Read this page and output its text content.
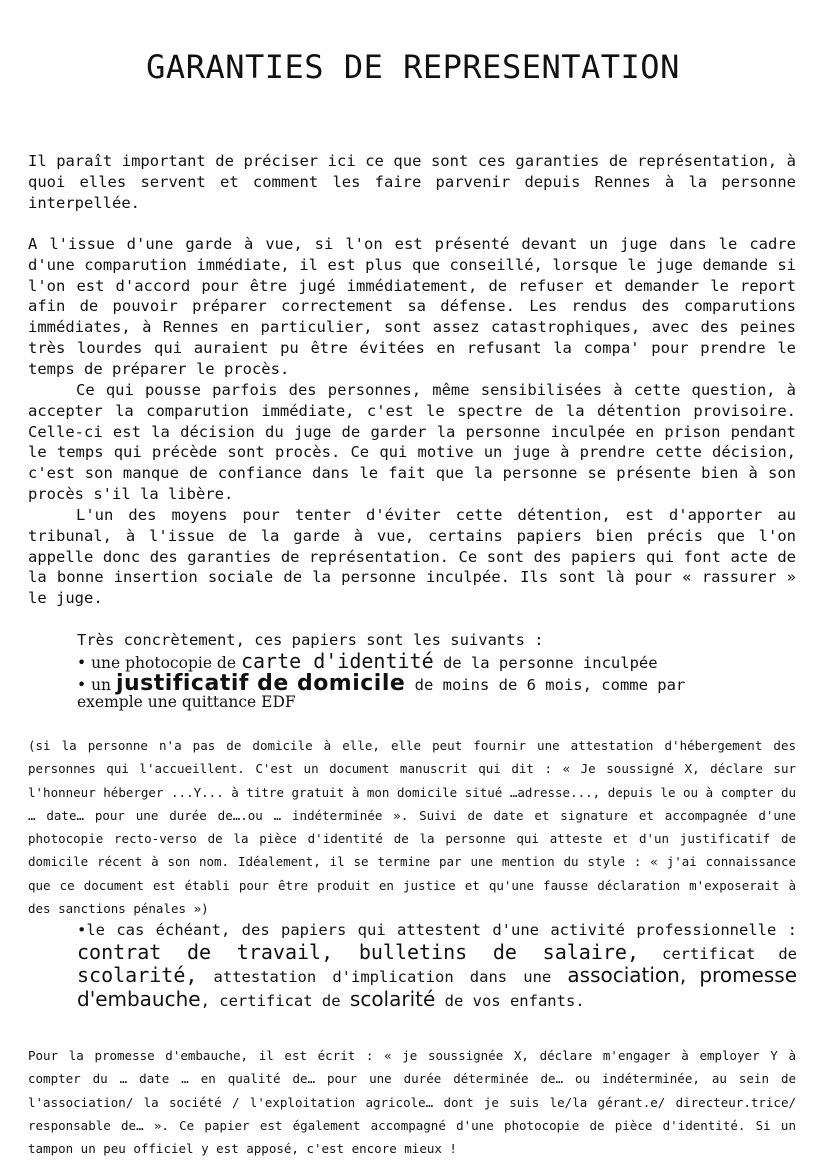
GARANTIES DE REPRESENTATION

Il paraît important de préciser ici ce que sont ces garanties de représentation, à quoi elles servent et comment les faire parvenir depuis Rennes à la personne interpellée.

A l'issue d'une garde à vue, si l'on est présenté devant un juge dans le cadre d'une comparution immédiate, il est plus que conseillé, lorsque le juge demande si l'on est d'accord pour être jugé immédiatement, de refuser et demander le report afin de pouvoir préparer correctement sa défense. Les rendus des comparutions immédiates, à Rennes en particulier, sont assez catastrophiques, avec des peines très lourdes qui auraient pu être évitées en refusant la compa' pour prendre le temps de préparer le procès.

Ce qui pousse parfois des personnes, même sensibilisées à cette question, à accepter la comparution immédiate, c'est le spectre de la détention provisoire. Celle-ci est la décision du juge de garder la personne inculpée en prison pendant le temps qui précède sont procès. Ce qui motive un juge à prendre cette décision, c'est son manque de confiance dans le fait que la personne se présente bien à son procès s'il la libère.

L'un des moyens pour tenter d'éviter cette détention, est d'apporter au tribunal, à l'issue de la garde à vue, certains papiers bien précis que l'on appelle donc des garanties de représentation. Ce sont des papiers qui font acte de la bonne insertion sociale de la personne inculpée. Ils sont là pour « rassurer » le juge.

Très concrètement, ces papiers sont les suivants :
• une photocopie de carte d'identité de la personne inculpée
• un justificatif de domicile de moins de 6 mois, comme par
exemple une quittance EDF

(si la personne n'a pas de domicile à elle, elle peut fournir une attestation d'hébergement des personnes qui l'accueillent. C'est un document manuscrit qui dit : « Je soussigné X, déclare sur l'honneur héberger ...Y... à titre gratuit à mon domicile situé …adresse..., depuis le ou à compter du … date… pour une durée de….ou … indéterminée ». Suivi de date et signature et accompagnée d'une photocopie recto-verso de la pièce d'identité de la personne qui atteste et d'un justificatif de domicile récent à son nom. Idéalement, il se termine par une mention du style : « j'ai connaissance que ce document est établi pour être produit en justice et qu'une fausse déclaration m'exposerait à des sanctions pénales »)

•le cas échéant, des papiers qui attestent d'une activité professionnelle : contrat de travail, bulletins de salaire, certificat de scolarité, attestation d'implication dans une association, promesse d'embauche, certificat de scolarité de vos enfants.

Pour la promesse d'embauche, il est écrit : « je soussignée X, déclare m'engager à employer Y à compter du … date … en qualité de… pour une durée déterminée de… ou indéterminée, au sein de l'association/ la société / l'exploitation agricole… dont je suis le/la gérant.e/ directeur.trice/ responsable de… ». Ce papier est également accompagné d'une photocopie de pièce d'identité. Si un tampon un peu officiel y est apposé, c'est encore mieux !
